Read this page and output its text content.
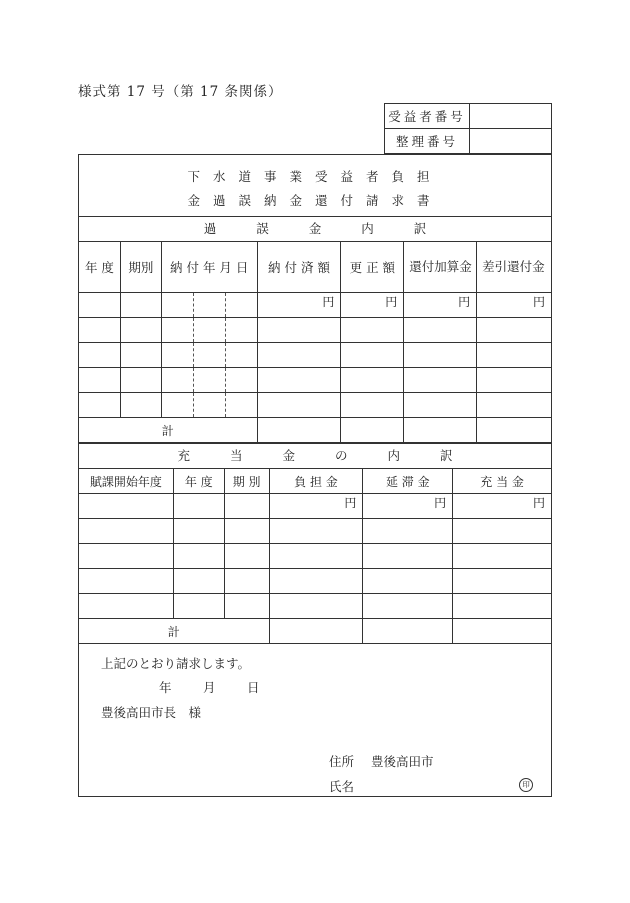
様式第 17 号（第 17 条関係）
受益者番号	
整理番号	
下水道事業受益者負担
金過誤納金還付請求書
過	誤	金	内	訳
年 度	期別	納 付 年 月 日			納 付 済 額	更 正 額	還付加算金	差引還付金
					円	円	円	円

計								
充	当	金	の	内	訳
賦課開始年度	年 度	期 別	負 担 金	延 滞 金	充 当 金
			円	円	円

計					
上記のとおり請求します。
年	月	日
豊後高田市長　様
住所 豊後高田市
氏名	印
